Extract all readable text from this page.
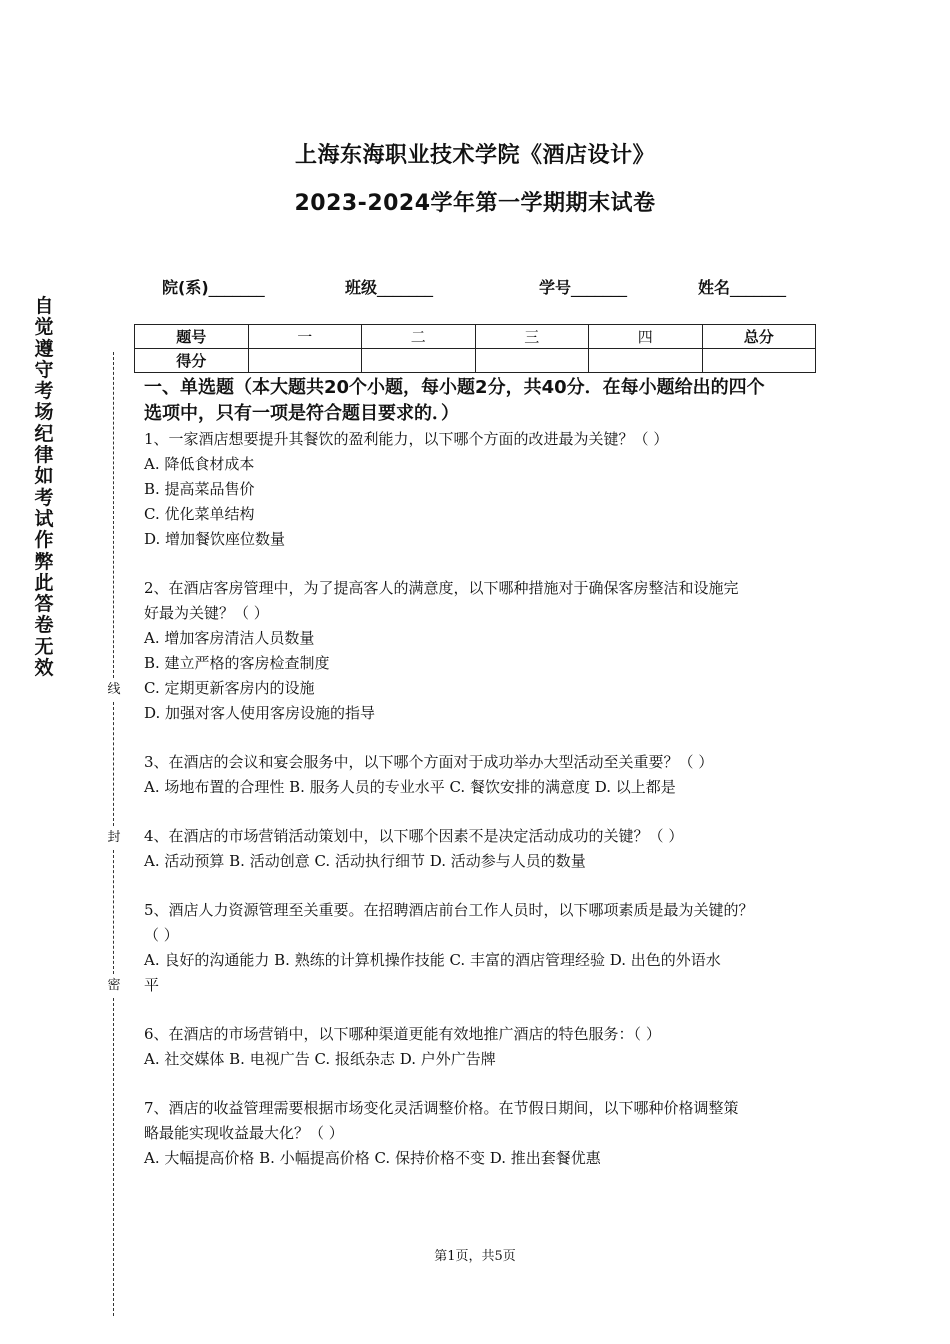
上海东海职业技术学院《酒店设计》
2023-2024学年第一学期期末试卷
院(系)_______	班级_______	学号_______	姓名_______
题号	一	二	三	四	总分
得分					
自
觉
遵
守
考
场
纪
律
如
考
试
作
弊
此
答
卷
无
效
线
封
密
一、单选题（本大题共20个小题，每小题2分，共40分．在每小题给出的四个
选项中，只有一项是符合题目要求的．）
1、一家酒店想要提升其餐饮的盈利能力，以下哪个方面的改进最为关键？（ ）
A. 降低食材成本
B. 提高菜品售价
C. 优化菜单结构
D. 增加餐饮座位数量
2、在酒店客房管理中，为了提高客人的满意度，以下哪种措施对于确保客房整洁和设施完
好最为关键？（ ）
A. 增加客房清洁人员数量
B. 建立严格的客房检查制度
C. 定期更新客房内的设施
D. 加强对客人使用客房设施的指导
3、在酒店的会议和宴会服务中，以下哪个方面对于成功举办大型活动至关重要？（ ）
A. 场地布置的合理性 B. 服务人员的专业水平 C. 餐饮安排的满意度 D. 以上都是
4、在酒店的市场营销活动策划中，以下哪个因素不是决定活动成功的关键？（ ）
A. 活动预算 B. 活动创意 C. 活动执行细节 D. 活动参与人员的数量
5、酒店人力资源管理至关重要。在招聘酒店前台工作人员时，以下哪项素质是最为关键的？
（ ）
A. 良好的沟通能力 B. 熟练的计算机操作技能 C. 丰富的酒店管理经验 D. 出色的外语水
平
6、在酒店的市场营销中，以下哪种渠道更能有效地推广酒店的特色服务：（ ）
A. 社交媒体 B. 电视广告 C. 报纸杂志 D. 户外广告牌
7、酒店的收益管理需要根据市场变化灵活调整价格。在节假日期间，以下哪种价格调整策
略最能实现收益最大化？（ ）
A. 大幅提高价格 B. 小幅提高价格 C. 保持价格不变 D. 推出套餐优惠
第1页，共5页
